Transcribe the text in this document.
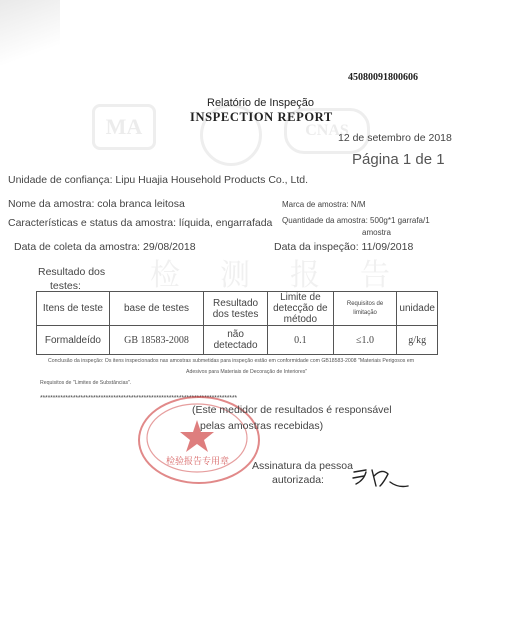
MA	CNAS
45080091800606
Relatório de Inspeção
INSPECTION REPORT
12 de setembro de 2018
Página 1 de 1
Unidade de confiança: Lipu Huajia Household Products Co., Ltd.
Nome da amostra: cola branca leitosa	Marca de amostra: N/M
Características e status da amostra: líquida, engarrafada Quantidade da amostra: 500g*1 garrafa/1
amostra
Data de coleta da amostra: 29/08/2018	Data da inspeção: 11/09/2018
检测报告
Resultado dos
testes:
Itens de teste	base de testes	Resultado dos testes	Limite de detecção de método	Requisitos de limitação	unidade
Formaldeído	GB 18583-2008	não detectado	0.1	≤1.0	g/kg
Conclusão da inspeção: Os itens inspecionados nas amostras submetidas para inspeção estão em conformidade com GB18583-2008 "Materiais Perigosos em
Adesivos para Materiais de Decoração de Interiores"
Requisitos de "Limites de Substâncias".
******************************************************************************
检验报告专用章
(Este medidor de resultados é responsável
pelas amostras recebidas)
Assinatura da pessoa
autorizada:
